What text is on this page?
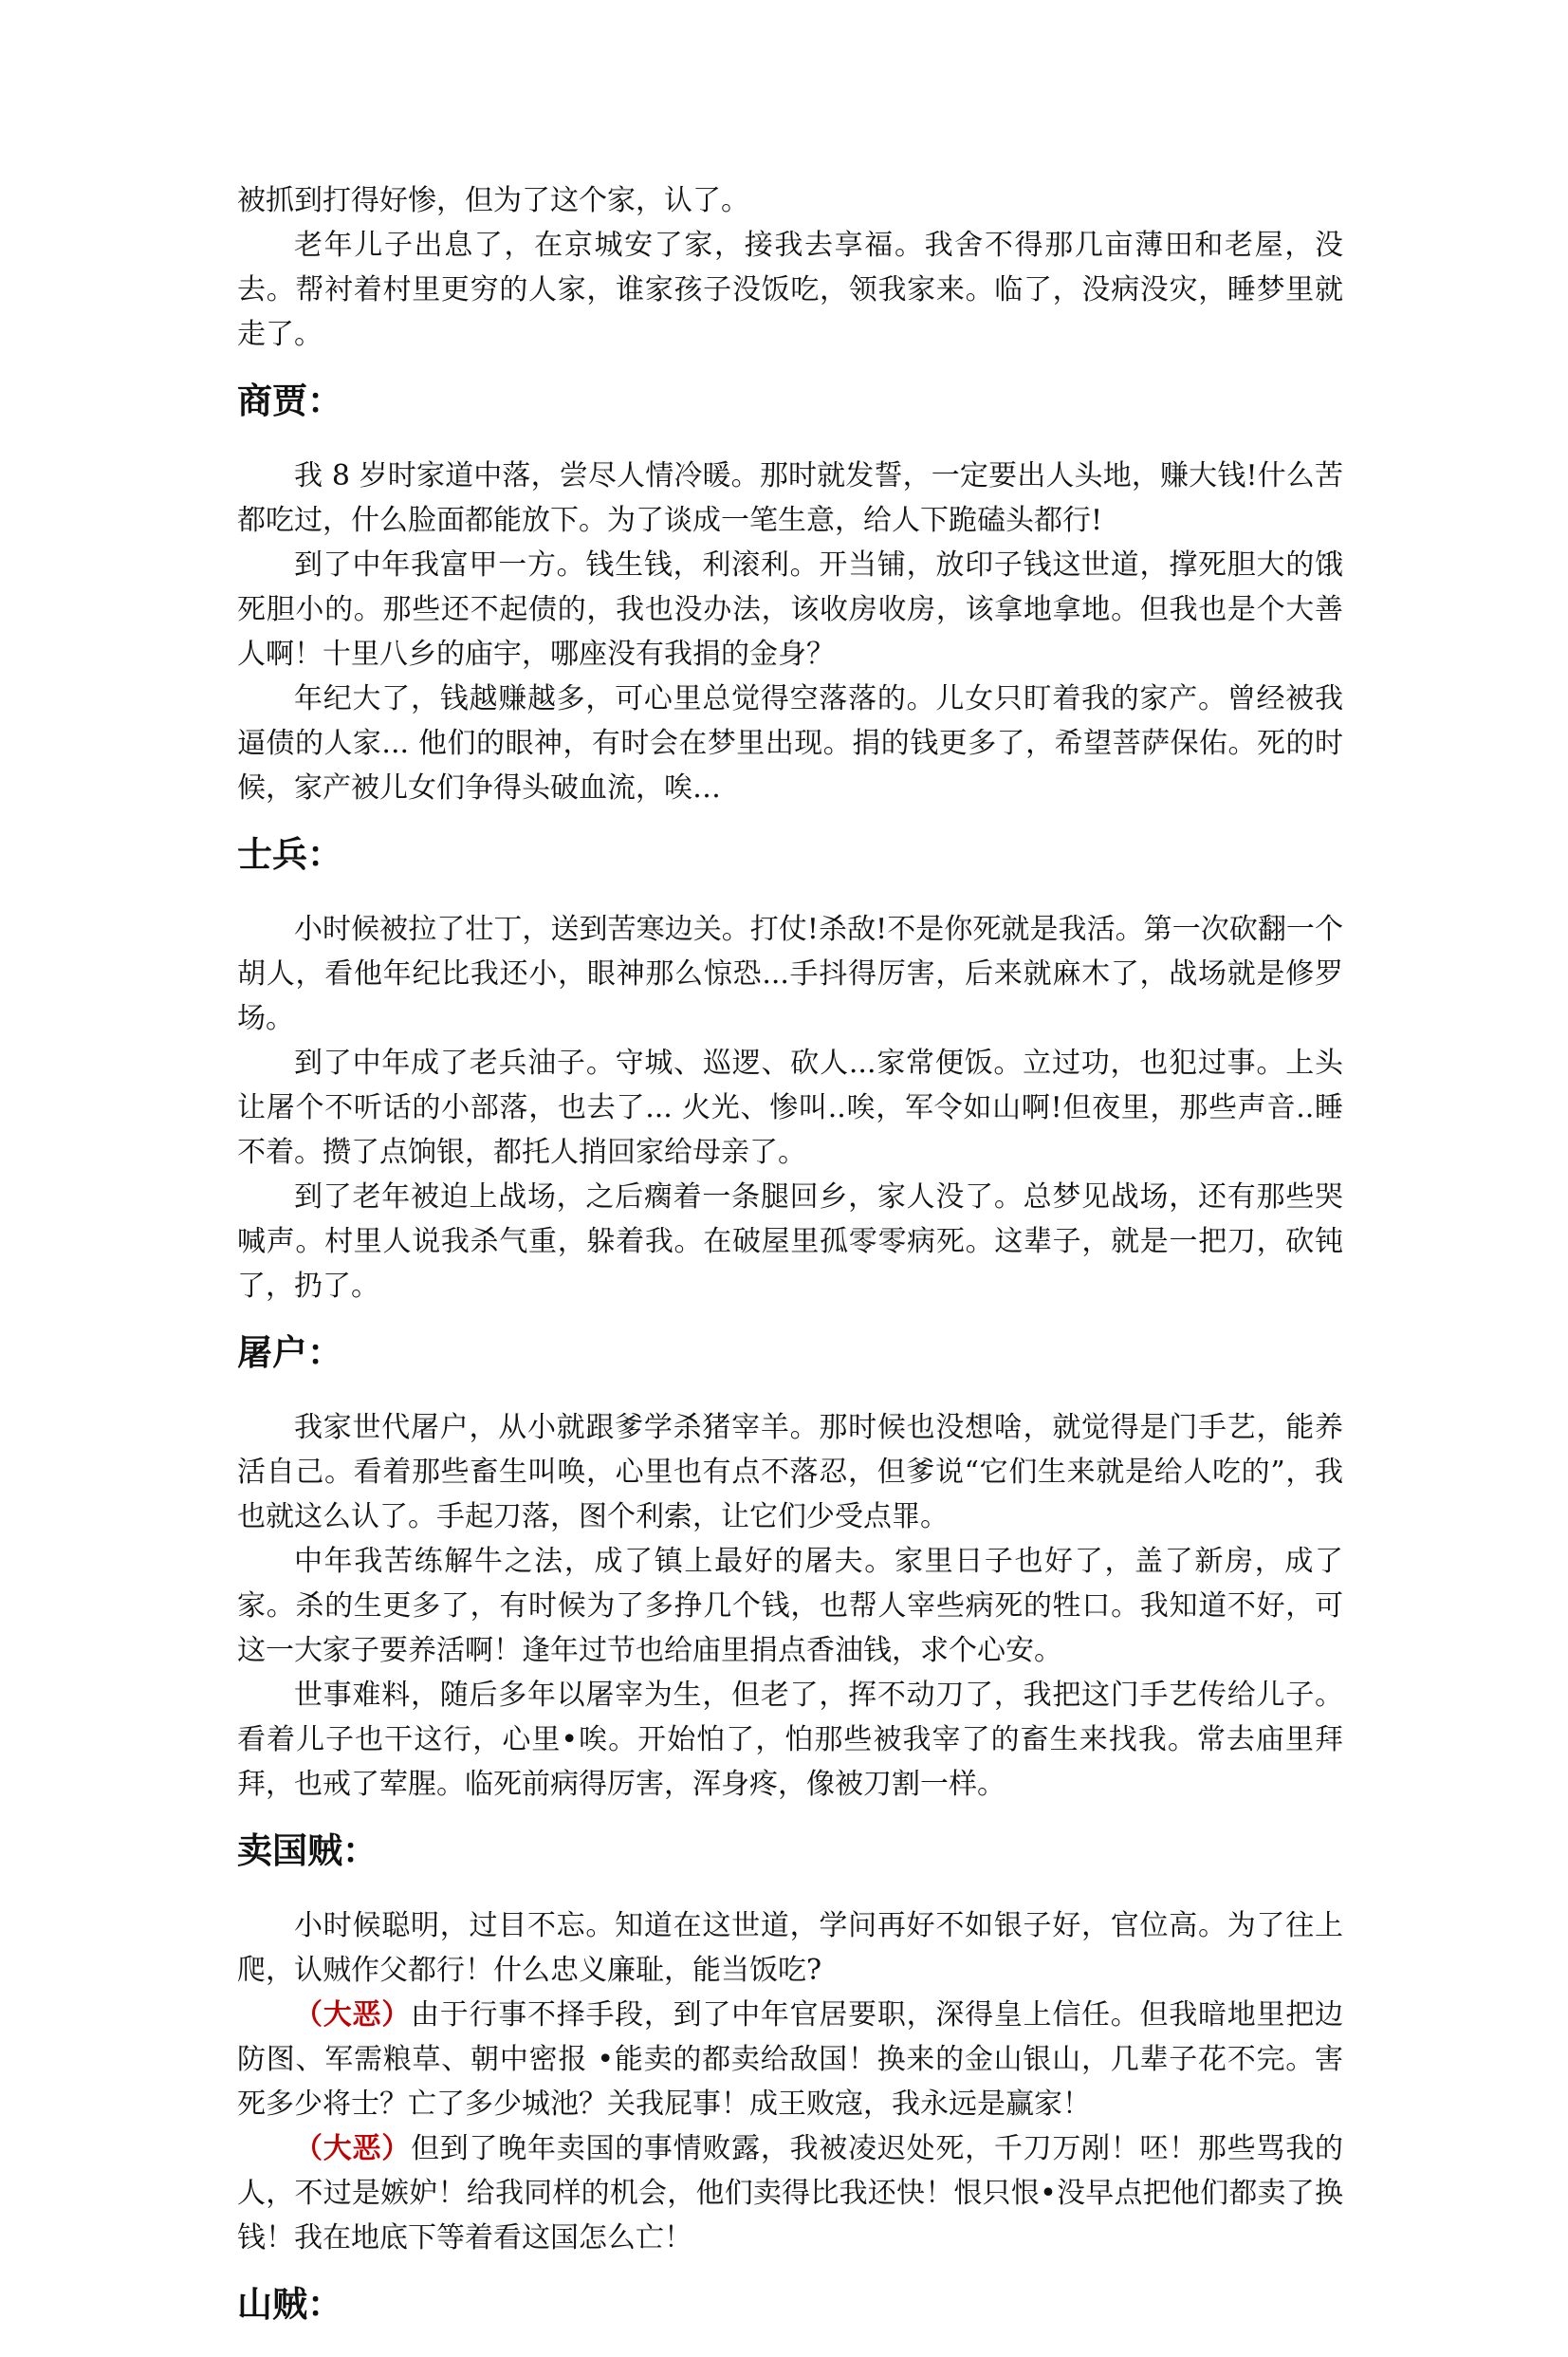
被抓到打得好惨，但为了这个家，认了。

老年儿子出息了，在京城安了家，接我去享福。我舍不得那几亩薄田和老屋，没去。帮衬着村里更穷的人家，谁家孩子没饭吃，领我家来。临了，没病没灾，睡梦里就走了。

商贾：

我 8 岁时家道中落，尝尽人情冷暖。那时就发誓，一定要出人头地，赚大钱!什么苦都吃过，什么脸面都能放下。为了谈成一笔生意，给人下跪磕头都行!

到了中年我富甲一方。钱生钱，利滚利。开当铺，放印子钱这世道，撑死胆大的饿死胆小的。那些还不起债的，我也没办法，该收房收房，该拿地拿地。但我也是个大善人啊！十里八乡的庙宇，哪座没有我捐的金身？

年纪大了，钱越赚越多，可心里总觉得空落落的。儿女只盯着我的家产。曾经被我逼债的人家... 他们的眼神，有时会在梦里出现。捐的钱更多了，希望菩萨保佑。死的时候，家产被儿女们争得头破血流，唉…

士兵：

小时候被拉了壮丁，送到苦寒边关。打仗!杀敌!不是你死就是我活。第一次砍翻一个胡人，看他年纪比我还小，眼神那么惊恐...手抖得厉害，后来就麻木了，战场就是修罗场。

到了中年成了老兵油子。守城、巡逻、砍人...家常便饭。立过功，也犯过事。上头让屠个不听话的小部落，也去了... 火光、惨叫..唉，军令如山啊!但夜里，那些声音..睡不着。攒了点饷银，都托人捎回家给母亲了。

到了老年被迫上战场，之后瘸着一条腿回乡，家人没了。总梦见战场，还有那些哭喊声。村里人说我杀气重，躲着我。在破屋里孤零零病死。这辈子，就是一把刀，砍钝了，扔了。

屠户：

我家世代屠户，从小就跟爹学杀猪宰羊。那时候也没想啥，就觉得是门手艺，能养活自己。看着那些畜生叫唤，心里也有点不落忍，但爹说“它们生来就是给人吃的”，我也就这么认了。手起刀落，图个利索，让它们少受点罪。

中年我苦练解牛之法，成了镇上最好的屠夫。家里日子也好了，盖了新房，成了家。杀的生更多了，有时候为了多挣几个钱，也帮人宰些病死的牲口。我知道不好，可这一大家子要养活啊！逢年过节也给庙里捐点香油钱，求个心安。

世事难料，随后多年以屠宰为生，但老了，挥不动刀了，我把这门手艺传给儿子。看着儿子也干这行，心里•唉。开始怕了，怕那些被我宰了的畜生来找我。常去庙里拜拜，也戒了荤腥。临死前病得厉害，浑身疼，像被刀割一样。

卖国贼：

小时候聪明，过目不忘。知道在这世道，学问再好不如银子好，官位高。为了往上爬，认贼作父都行！什么忠义廉耻，能当饭吃?

（大恶）由于行事不择手段，到了中年官居要职，深得皇上信任。但我暗地里把边防图、军需粮草、朝中密报 •能卖的都卖给敌国！换来的金山银山，几辈子花不完。害死多少将士？亡了多少城池？关我屁事！成王败寇，我永远是赢家！

（大恶）但到了晚年卖国的事情败露，我被凌迟处死，千刀万剐！呸！那些骂我的人，不过是嫉妒！给我同样的机会，他们卖得比我还快！恨只恨•没早点把他们都卖了换钱！我在地底下等着看这国怎么亡！

山贼：
